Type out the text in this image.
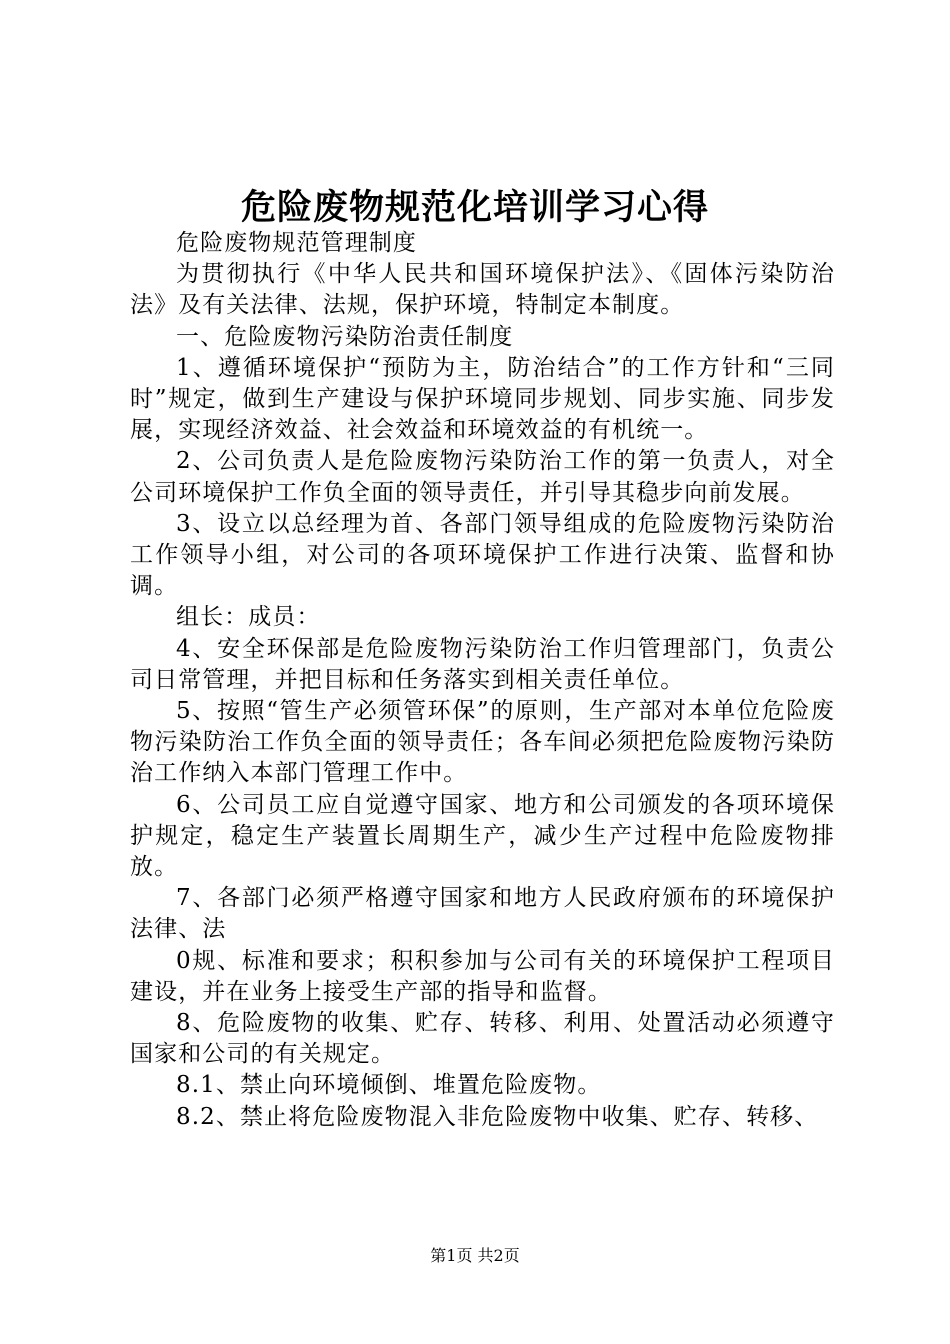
危险废物规范化培训学习心得

危险废物规范管理制度

为贯彻执行《中华人民共和国环境保护法》、《固体污染防治法》及有关法律、法规，保护环境，特制定本制度。

一、危险废物污染防治责任制度

1、遵循环境保护“预防为主，防治结合”的工作方针和“三同时”规定，做到生产建设与保护环境同步规划、同步实施、同步发展，实现经济效益、社会效益和环境效益的有机统一。

2、公司负责人是危险废物污染防治工作的第一负责人，对全公司环境保护工作负全面的领导责任，并引导其稳步向前发展。

3、设立以总经理为首、各部门领导组成的危险废物污染防治工作领导小组，对公司的各项环境保护工作进行决策、监督和协调。

组长：成员：

4、安全环保部是危险废物污染防治工作归管理部门，负责公司日常管理，并把目标和任务落实到相关责任单位。

5、按照“管生产必须管环保”的原则，生产部对本单位危险废物污染防治工作负全面的领导责任；各车间必须把危险废物污染防治工作纳入本部门管理工作中。

6、公司员工应自觉遵守国家、地方和公司颁发的各项环境保护规定，稳定生产装置长周期生产，减少生产过程中危险废物排放。

7、各部门必须严格遵守国家和地方人民政府颁布的环境保护法律、法

0规、标准和要求；积积参加与公司有关的环境保护工程项目建设，并在业务上接受生产部的指导和监督。

8、危险废物的收集、贮存、转移、利用、处置活动必须遵守国家和公司的有关规定。

8.1、禁止向环境倾倒、堆置危险废物。

8.2、禁止将危险废物混入非危险废物中收集、贮存、转移、

第1页 共2页
